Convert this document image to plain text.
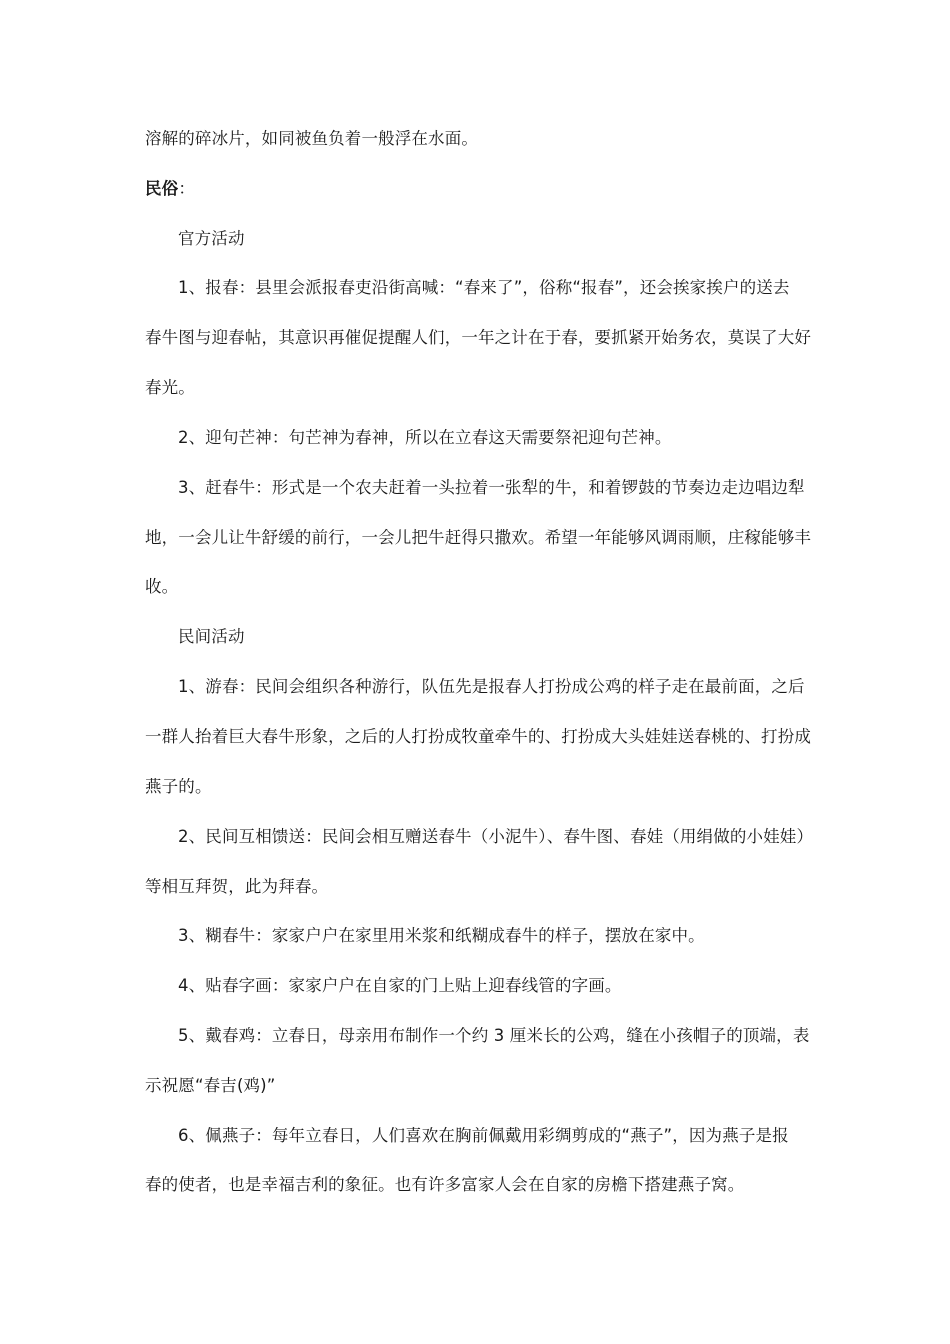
溶解的碎冰片，如同被鱼负着一般浮在水面。
民俗：
官方活动
1、报春：县里会派报春吏沿街高喊：“春来了”，俗称“报春”，还会挨家挨户的送去
春牛图与迎春帖，其意识再催促提醒人们，一年之计在于春，要抓紧开始务农，莫误了大好
春光。
2、迎句芒神：句芒神为春神，所以在立春这天需要祭祀迎句芒神。
3、赶春牛：形式是一个农夫赶着一头拉着一张犁的牛，和着锣鼓的节奏边走边唱边犁
地，一会儿让牛舒缓的前行，一会儿把牛赶得只撒欢。希望一年能够风调雨顺，庄稼能够丰
收。
民间活动
1、游春：民间会组织各种游行，队伍先是报春人打扮成公鸡的样子走在最前面，之后
一群人抬着巨大春牛形象，之后的人打扮成牧童牵牛的、打扮成大头娃娃送春桃的、打扮成
燕子的。
2、民间互相馈送：民间会相互赠送春牛（小泥牛）、春牛图、春娃（用绢做的小娃娃）
等相互拜贺，此为拜春。
3、糊春牛：家家户户在家里用米浆和纸糊成春牛的样子，摆放在家中。
4、贴春字画：家家户户在自家的门上贴上迎春线管的字画。
5、戴春鸡：立春日，母亲用布制作一个约 3 厘米长的公鸡，缝在小孩帽子的顶端，表
示祝愿“春吉(鸡)”
6、佩燕子：每年立春日，人们喜欢在胸前佩戴用彩绸剪成的“燕子”，因为燕子是报
春的使者，也是幸福吉利的象征。也有许多富家人会在自家的房檐下搭建燕子窝。
